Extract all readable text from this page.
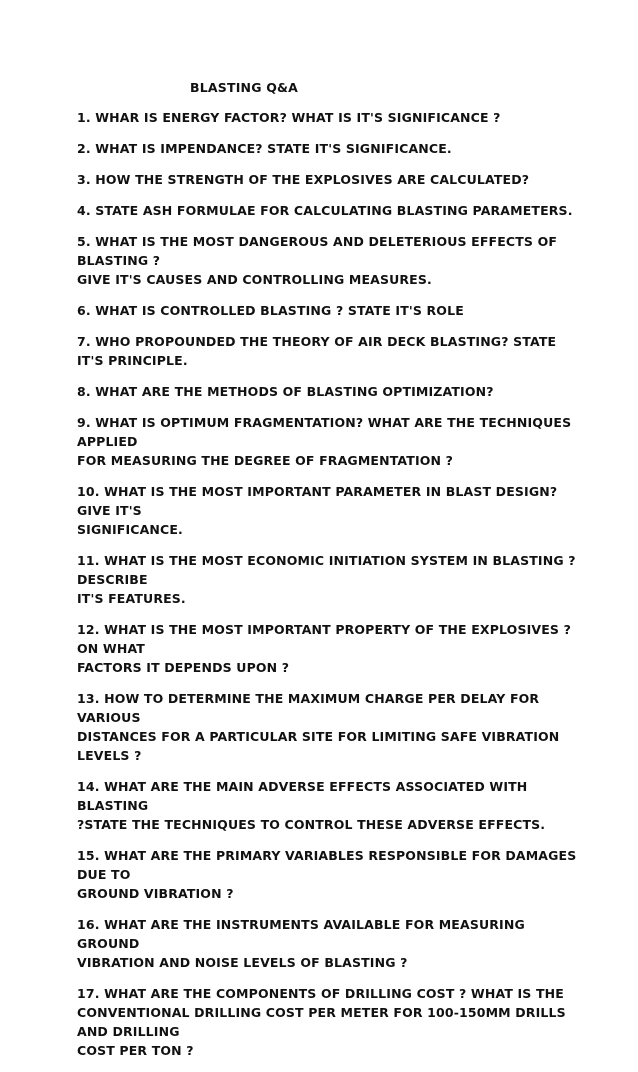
BLASTING Q&A
1. WHAR IS ENERGY FACTOR? WHAT IS IT'S SIGNIFICANCE ?
2. WHAT IS IMPENDANCE? STATE IT'S SIGNIFICANCE.
3. HOW THE STRENGTH OF THE EXPLOSIVES ARE CALCULATED?
4. STATE ASH FORMULAE FOR CALCULATING BLASTING PARAMETERS.
5. WHAT IS THE MOST DANGEROUS AND DELETERIOUS EFFECTS OF BLASTING ?
GIVE IT'S CAUSES AND CONTROLLING MEASURES.
6. WHAT IS CONTROLLED BLASTING ? STATE IT'S ROLE
7. WHO PROPOUNDED THE THEORY OF AIR DECK BLASTING? STATE IT'S PRINCIPLE.
8. WHAT ARE THE METHODS OF BLASTING OPTIMIZATION?
9. WHAT IS OPTIMUM FRAGMENTATION? WHAT ARE THE TECHNIQUES APPLIED
FOR MEASURING THE DEGREE OF FRAGMENTATION ?
10. WHAT IS THE MOST IMPORTANT PARAMETER IN BLAST DESIGN? GIVE IT'S
SIGNIFICANCE.
11. WHAT IS THE MOST ECONOMIC INITIATION SYSTEM IN BLASTING ? DESCRIBE
IT'S FEATURES.
12. WHAT IS THE MOST IMPORTANT PROPERTY OF THE EXPLOSIVES ? ON WHAT
FACTORS IT DEPENDS UPON ?
13. HOW TO DETERMINE THE MAXIMUM CHARGE PER DELAY FOR VARIOUS
DISTANCES FOR A PARTICULAR SITE FOR LIMITING SAFE VIBRATION LEVELS ?
14. WHAT ARE THE MAIN ADVERSE EFFECTS ASSOCIATED WITH BLASTING
?STATE THE TECHNIQUES TO CONTROL THESE ADVERSE EFFECTS.
15. WHAT ARE THE PRIMARY VARIABLES RESPONSIBLE FOR DAMAGES DUE TO
GROUND VIBRATION ?
16. WHAT ARE THE INSTRUMENTS AVAILABLE FOR MEASURING GROUND
VIBRATION AND NOISE LEVELS OF BLASTING ?
17. WHAT ARE THE COMPONENTS OF DRILLING COST ? WHAT IS THE
CONVENTIONAL DRILLING COST PER METER FOR 100-150MM DRILLS AND DRILLING
COST PER TON ?
